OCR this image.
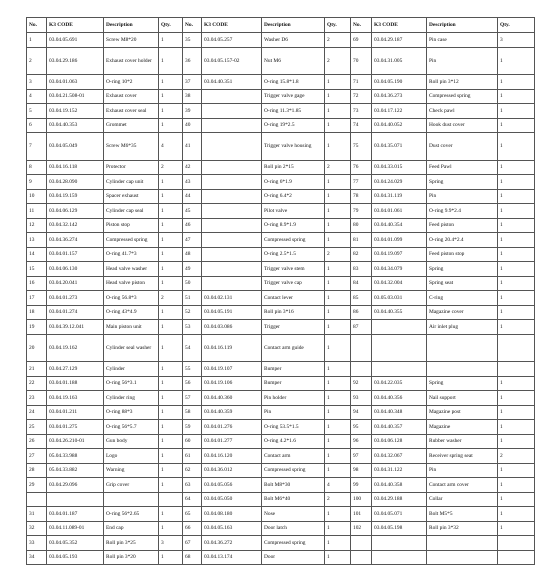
No.	K3 CODE	Description	Qty.	No.	K3 CODE	Description	Qty.	No.	K3 CODE	Description	Qty.
1	03.04.05.691	Screw M8*20	1	35	03.04.05.257	Washer D6	2	69	03.04.29.187	Pin case	3
2	03.04.29.186	Exhaust cover holder	1	36	03.04.05.157-02	Nut M6	2	70	03.04.31.005	Pin	1
3	03.04.01.063	O-ring 10*2	1	37	03.04.40.351	O-ring 15.8*1.8	1	71	03.04.05.190	Roll pin 3*12	1
4	03.04.21.508-01	Exhaust cover	1	38		Trigger valve gage	1	72	03.04.36.273	Compressed spring	1
5	03.04.19.152	Exhaust cover seal	1	39		O-ring 11.3*1.85	1	73	03.04.17.122	Check pawl	1
6	03.04.40.353	Grommet	1	40		O-ring 19*2.5	1	74	03.04.40.052	Hook dust cover	1
7	03.04.05.049	Screw M6*35	4	41		Trigger valve housing	1	75	03.04.35.071	Dust cover	1
8	03.04.16.118	Protector	2	42		Roll pin 2*15	2	76	03.04.33.015	Feed Pawl	1
9	03.04.28.090	Cylinder cap unit	1	43		O-ring 6*1.9	1	77	03.04.24.029	Spring	1
10	03.04.19.159	Spacer exhaust	1	44		O-ring 6.4*2	1	78	03.04.31.119	Pin	1
11	03.04.06.129	Cylinder cap seal	1	45		Pilot valve	1	79	03.04.01.061	O-ring 9.9*2.4	1
12	03.04.32.142	Piston stop	1	46		O-ring 8.9*1.9	1	80	03.04.40.354	Feed piston	1
13	03.04.36.274	Compressed spring	1	47		Compressed spring	1	81	03.04.01.099	O-ring 20.4*2.4	1
14	03.04.01.157	O-ring 41.7*3	1	48		O-ring 2.5*1.5	2	82	03.04.19.097	Feed piston stop	1
15	03.04.06.130	Head valve washer	1	49		Trigger valve stem	1	83	03.04.34.079	Spring	1
16	03.04.20.041	Head valve piston	1	50		Trigger valve cap	1	84	03.04.32.004	Spring seat	1
17	03.04.01.273	O-ring 56.8*3	2	51	03.04.02.131	Contact lever	1	85	03.05.03.031	C-ring	1
18	03.04.01.274	O-ring 43*4.9	1	52	03.04.05.191	Roll pin 3*16	1	86	03.04.40.355	Magazine cover	1
19	03.04.39.12.041	Main piston unit	1	53	03.04.03.086	Trigger	1	87		Air inlet plug	1
20	03.04.19.162	Cylinder seal washer	1	54	03.04.16.119	Contact arm guide	1				
21	03.04.27.129	Cylinder	1	55	03.04.19.107	Bumper	1				
22	03.04.01.188	O-ring 56*3.1	1	56	03.04.19.106	Bumper	1	92	03.04.22.035	Spring	1
23	03.04.19.163	Cylinder ring	1	57	03.04.40.360	Pin holder	1	93	03.04.40.356	Nail support	1
24	03.04.01.211	O-ring 88*3	1	58	03.04.40.359	Pin	1	94	03.04.40.348	Magazine post	1
25	03.04.01.275	O-ring 56*5.7	1	59	03.04.01.276	O-ring 53.5*1.5	1	95	03.04.40.357	Magazine	1
26	03.04.26.210-01	Gun body	1	60	03.04.01.277	O-ring 4.2*1.6	1	96	03.04.06.128	Rubber washer	1
27	05.04.33.988	Logo	1	61	03.04.16.120	Contact arm	1	97	03.04.32.067	Receiver spring seat	2
28	05.04.33.882	Warning	1	62	03.04.36.012	Compressed spring	1	98	03.04.31.122	Pin	1
29	03.04.29.096	Grip cover	1	63	03.04.05.056	Bolt M8*30	4	99	03.04.40.358	Contact arm cover	1
				64	03.04.05.050	Bolt M6*40	2	100	03.04.29.188	Collar	1
31	03.04.01.187	O-ring 56*2.65	1	65	03.04.08.180	Nose	1	101	03.04.05.071	Bolt M5*5	1
32	03.04.11.089-01	End cap	1	66	03.04.05.163	Door latch	1	102	03.04.05.198	Roll pin 3*32	1
33	03.04.05.352	Roll pin 3*25	3	67	03.04.36.272	Compressed spring	1				
34	03.04.05.193	Roll pin 3*20	1	68	03.04.13.174	Door	1				
